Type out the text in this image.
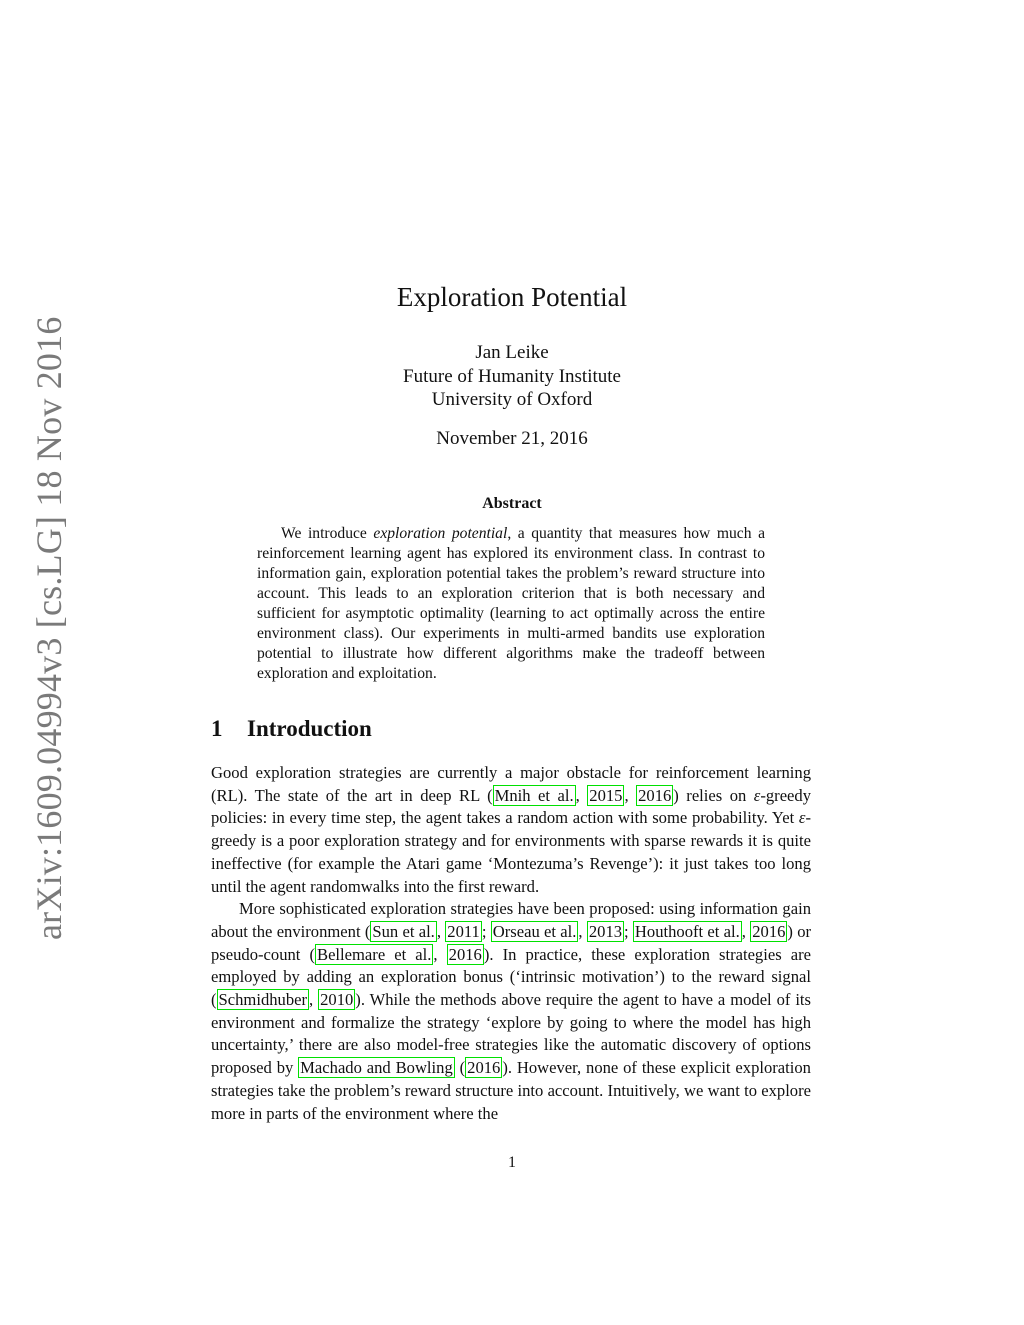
arXiv:1609.04994v3 [cs.LG] 18 Nov 2016
Exploration Potential
Jan Leike
Future of Humanity Institute
University of Oxford
November 21, 2016
Abstract

We introduce exploration potential, a quantity that measures how much a reinforcement learning agent has explored its environment class. In contrast to information gain, exploration potential takes the problem’s reward structure into account. This leads to an exploration criterion that is both necessary and sufficient for asymptotic optimality (learning to act optimally across the entire environment class). Our experiments in multi-armed bandits use exploration potential to illustrate how different algorithms make the tradeoff between exploration and exploitation.

1 Introduction

Good exploration strategies are currently a major obstacle for reinforcement learning (RL). The state of the art in deep RL ( Mnih et al. , 2015 , 2016 ) relies on ε-greedy policies: in every time step, the agent takes a random action with some probability. Yet ε-greedy is a poor exploration strategy and for environments with sparse rewards it is quite ineffective (for example the Atari game ‘Montezuma’s Revenge’): it just takes too long until the agent randomwalks into the first reward.

More sophisticated exploration strategies have been proposed: using information gain about the environment ( Sun et al. , 2011 ; Orseau et al. , 2013 ; Houthooft et al. , 2016 ) or pseudo-count ( Bellemare et al. , 2016 ). In practice, these exploration strategies are employed by adding an exploration bonus (‘intrinsic motivation’) to the reward signal ( Schmidhuber , 2010 ). While the methods above require the agent to have a model of its environment and formalize the strategy ‘explore by going to where the model has high uncertainty,’ there are also model-free strategies like the automatic discovery of options proposed by Machado and Bowling ( 2016 ). However, none of these explicit exploration strategies take the problem’s reward structure into account. Intuitively, we want to explore more in parts of the environment where the

1
